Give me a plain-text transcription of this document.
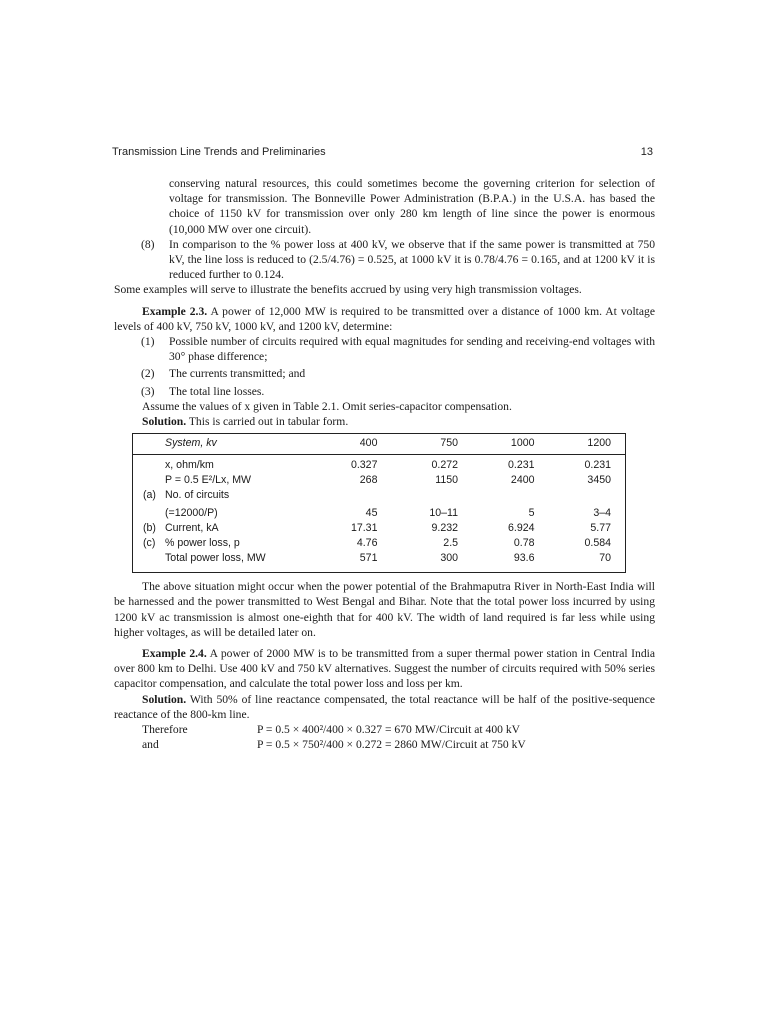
Transmission Line Trends and Preliminaries	13
conserving natural resources, this could sometimes become the governing criterion for selection of voltage for transmission. The Bonneville Power Administration (B.P.A.) in the U.S.A. has based the choice of 1150 kV for transmission over only 280 km length of line since the power is enormous (10,000 MW over one circuit).
(8)	In comparison to the % power loss at 400 kV, we observe that if the same power is transmitted at 750 kV, the line loss is reduced to (2.5/4.76) = 0.525, at 1000 kV it is 0.78/4.76 = 0.165, and at 1200 kV it is reduced further to 0.124.
Some examples will serve to illustrate the benefits accrued by using very high transmission voltages.
Example 2.3. A power of 12,000 MW is required to be transmitted over a distance of 1000 km. At voltage levels of 400 kV, 750 kV, 1000 kV, and 1200 kV, determine:
(1)	Possible number of circuits required with equal magnitudes for sending and receiving-end voltages with 30° phase difference;
(2)	The currents transmitted; and
(3)	The total line losses.
Assume the values of x given in Table 2.1. Omit series-capacitor compensation.
Solution. This is carried out in tabular form.
	System, kv	400	750	1000	1200
	x, ohm/km	0.327	0.272	0.231	0.231
	P = 0.5 E²/Lx, MW	268	1150	2400	3450
(a)	No. of circuits				
	(=12000/P)	45	10–11	5	3–4
(b)	Current, kA	17.31	9.232	6.924	5.77
(c)	% power loss, p	4.76	2.5	0.78	0.584
	Total power loss, MW	571	300	93.6	70
The above situation might occur when the power potential of the Brahmaputra River in North-East India will be harnessed and the power transmitted to West Bengal and Bihar. Note that the total power loss incurred by using 1200 kV ac transmission is almost one-eighth that for 400 kV. The width of land required is far less while using higher voltages, as will be detailed later on.
Example 2.4. A power of 2000 MW is to be transmitted from a super thermal power station in Central India over 800 km to Delhi. Use 400 kV and 750 kV alternatives. Suggest the number of circuits required with 50% series capacitor compensation, and calculate the total power loss and loss per km.
Solution. With 50% of line reactance compensated, the total reactance will be half of the positive-sequence reactance of the 800-km line.
Therefore	P = 0.5 × 400²/400 × 0.327 = 670 MW/Circuit at 400 kV
and	P = 0.5 × 750²/400 × 0.272 = 2860 MW/Circuit at 750 kV
